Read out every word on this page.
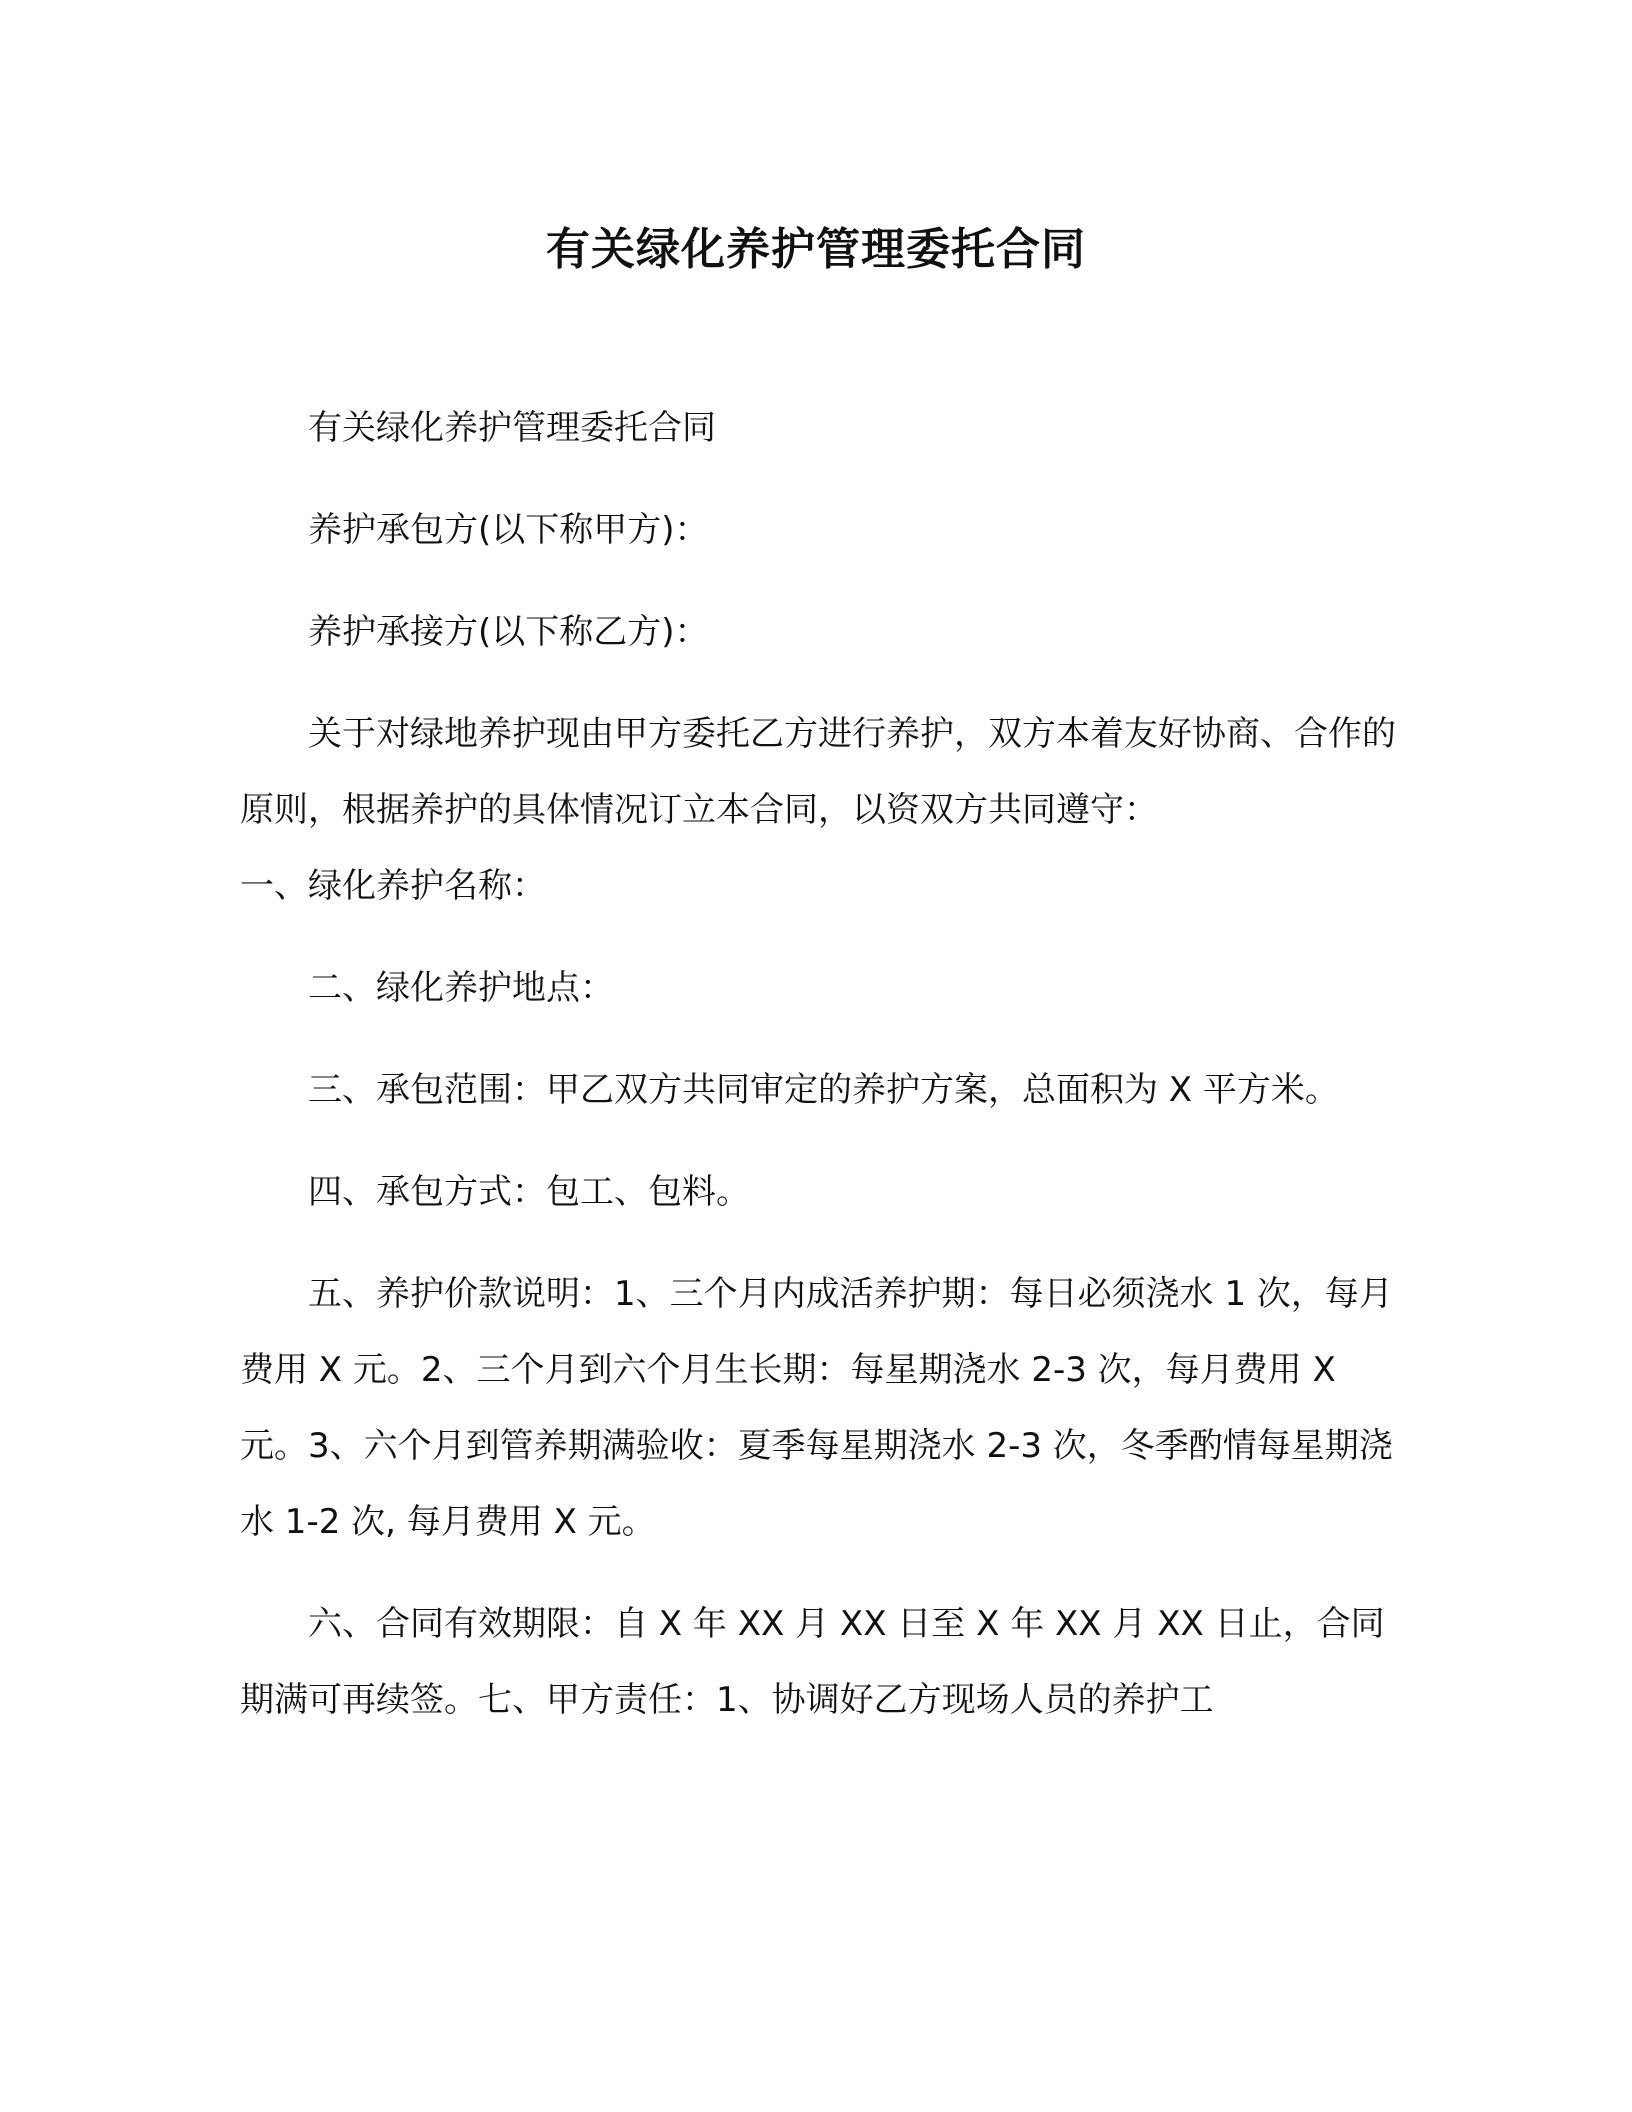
有关绿化养护管理委托合同

有关绿化养护管理委托合同

养护承包方(以下称甲方)：

养护承接方(以下称乙方)：

关于对绿地养护现由甲方委托乙方进行养护，双方本着友好协商、合作的原则，根据养护的具体情况订立本合同，以资双方共同遵守：

一、绿化养护名称：

二、绿化养护地点：

三、承包范围：甲乙双方共同审定的养护方案，总面积为 X 平方米。

四、承包方式：包工、包料。

五、养护价款说明：1、三个月内成活养护期：每日必须浇水 1 次，每月费用 X 元。2、三个月到六个月生长期：每星期浇水 2-3 次，每月费用 X 元。3、六个月到管养期满验收：夏季每星期浇水 2-3 次，冬季酌情每星期浇水 1-2 次, 每月费用 X 元。

六、合同有效期限：自 X 年 XX 月 XX 日至 X 年 XX 月 XX 日止，合同期满可再续签。七、甲方责任：1、协调好乙方现场人员的养护工
